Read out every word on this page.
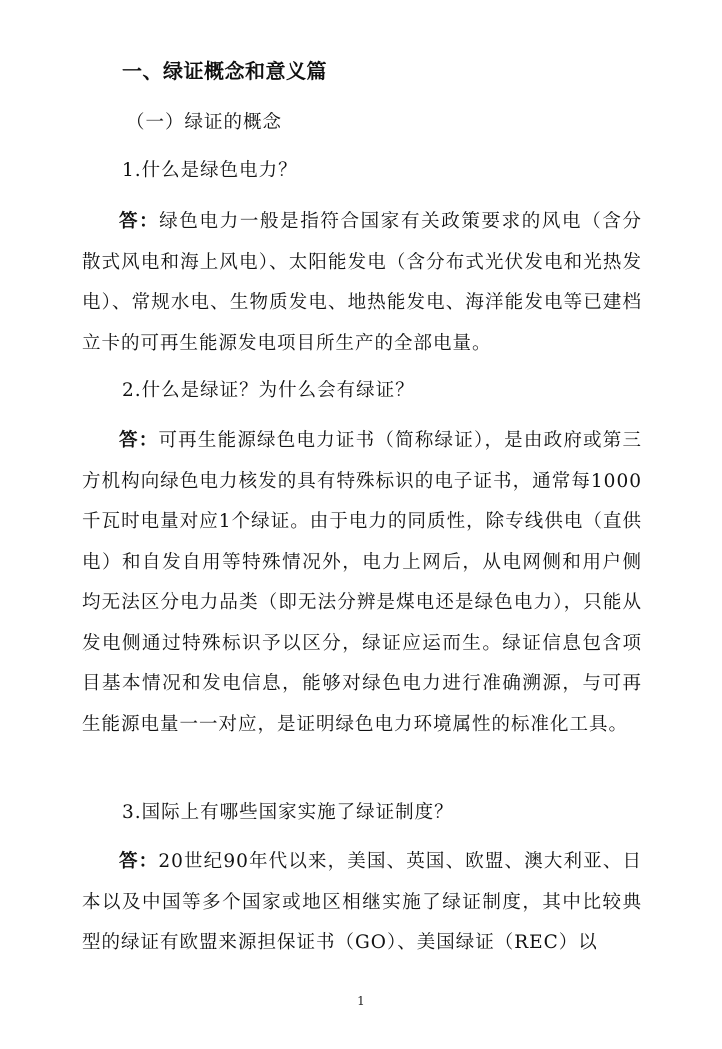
一、绿证概念和意义篇
（一）绿证的概念
1.什么是绿色电力？
答：绿色电力一般是指符合国家有关政策要求的风电（含分散式风电和海上风电）、太阳能发电（含分布式光伏发电和光热发电）、常规水电、生物质发电、地热能发电、海洋能发电等已建档立卡的可再生能源发电项目所生产的全部电量。
2.什么是绿证？为什么会有绿证？
答：可再生能源绿色电力证书（简称绿证），是由政府或第三方机构向绿色电力核发的具有特殊标识的电子证书，通常每1000千瓦时电量对应1个绿证。由于电力的同质性，除专线供电（直供电）和自发自用等特殊情况外，电力上网后，从电网侧和用户侧均无法区分电力品类（即无法分辨是煤电还是绿色电力），只能从发电侧通过特殊标识予以区分，绿证应运而生。绿证信息包含项目基本情况和发电信息，能够对绿色电力进行准确溯源，与可再生能源电量一一对应，是证明绿色电力环境属性的标准化工具。
3.国际上有哪些国家实施了绿证制度？
答：20世纪90年代以来，美国、英国、欧盟、澳大利亚、日本以及中国等多个国家或地区相继实施了绿证制度，其中比较典型的绿证有欧盟来源担保证书（GO）、美国绿证（REC）以
1
